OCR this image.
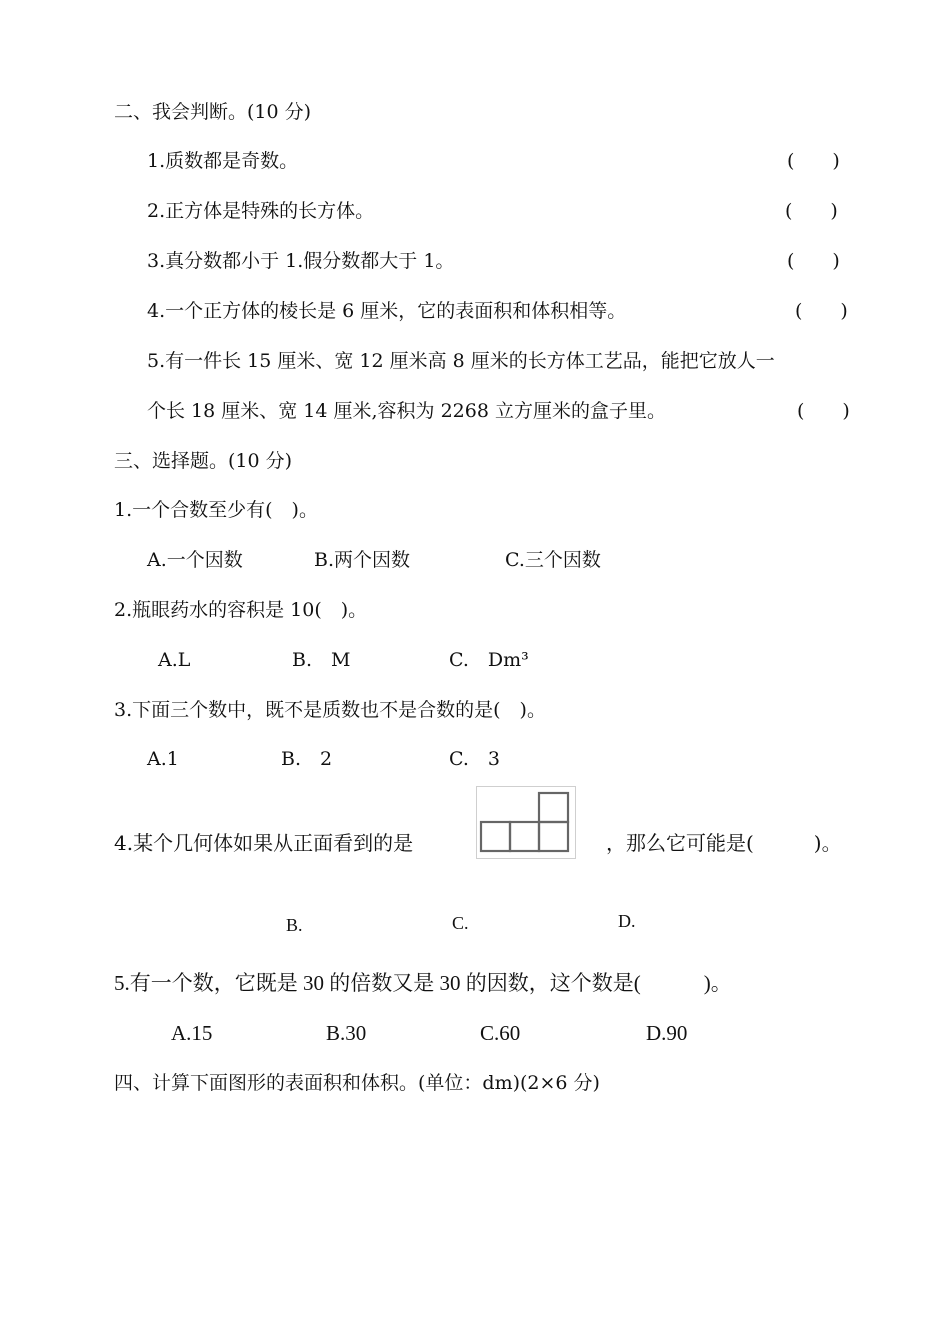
二、我会判断。(10 分)
1.质数都是奇数。	(　　)
2.正方体是特殊的长方体。	(　　)
3.真分数都小于 1.假分数都大于 1。	(　　)
4.一个正方体的棱长是 6 厘米，它的表面积和体积相等。	(　　)
5.有一件长 15 厘米、宽 12 厘米高 8 厘米的长方体工艺品，能把它放人一
个长 18 厘米、宽 14 厘米,容积为 2268 立方厘米的盒子里。	(　　)
三、选择题。(10 分)
1.一个合数至少有(　)。
A.一个因数	B.两个因数	C.三个因数
2.瓶眼药水的容积是 10(　)。
A.L	B.　M	C.　Dm³
3.下面三个数中，既不是质数也不是合数的是(　)。
A.1	B.　2	C.　3
4.某个几何体如果从正面看到的是	，那么它可能是(　　　)。
B.	C.	D.
5.有一个数，它既是 30 的倍数又是 30 的因数，这个数是(　　　)。
A.15	B.30	C.60	D.90
四、计算下面图形的表面积和体积。(单位：dm)(2×6 分)
